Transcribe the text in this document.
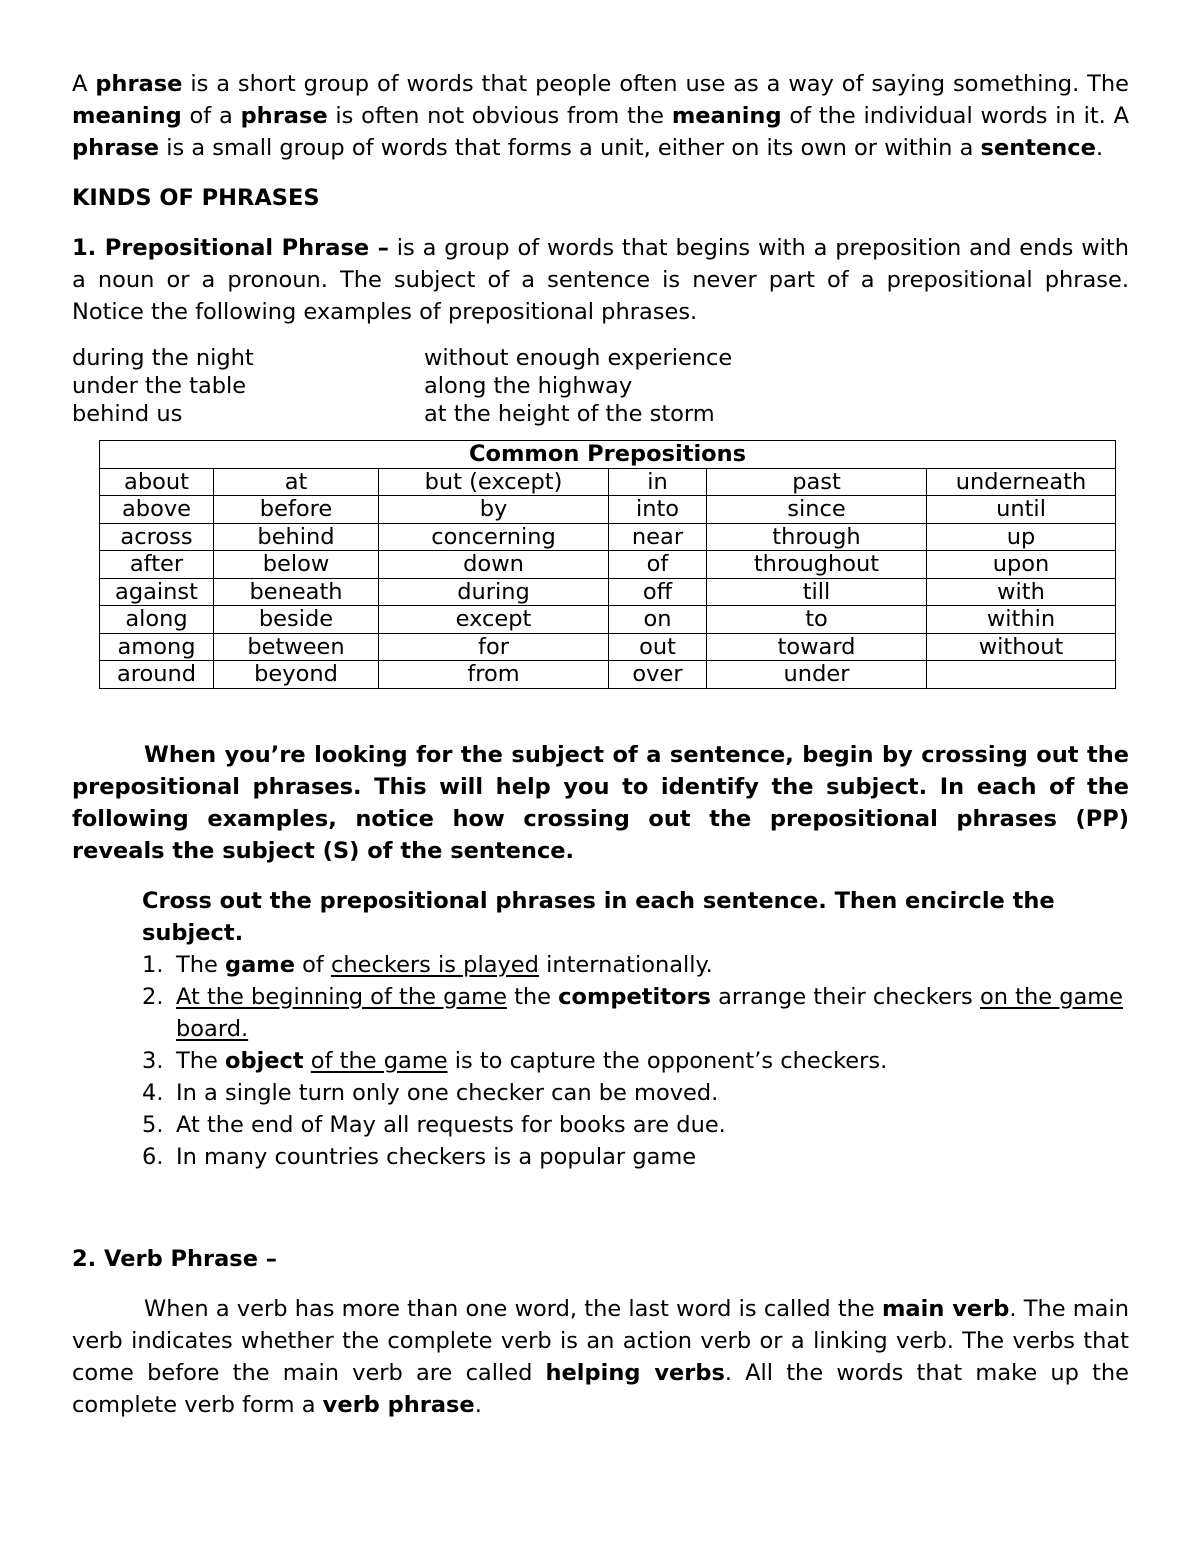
A phrase is a short group of words that people often use as a way of saying something. The meaning of a phrase is often not obvious from the meaning of the individual words in it. A phrase is a small group of words that forms a unit, either on its own or within a sentence.

KINDS OF PHRASES

1. Prepositional Phrase – is a group of words that begins with a preposition and ends with a noun or a pronoun. The subject of a sentence is never part of a prepositional phrase. Notice the following examples of prepositional phrases.

during the night	without enough experience
under the table	along the highway
behind us	at the height of the storm
Common Prepositions					
about	at	but (except)	in	past	underneath
above	before	by	into	since	until
across	behind	concerning	near	through	up
after	below	down	of	throughout	upon
against	beneath	during	off	till	with
along	beside	except	on	to	within
among	between	for	out	toward	without
around	beyond	from	over	under	

When you’re looking for the subject of a sentence, begin by crossing out the prepositional phrases. This will help you to identify the subject. In each of the following examples, notice how crossing out the prepositional phrases (PP) reveals the subject (S) of the sentence.

Cross out the prepositional phrases in each sentence. Then encircle the subject.

1. The game of checkers is played internationally.
2. At the beginning of the game the competitors arrange their checkers on the game board.
3. The object of the game is to capture the opponent’s checkers.
4. In a single turn only one checker can be moved.
5. At the end of May all requests for books are due.
6. In many countries checkers is a popular game

2. Verb Phrase –

When a verb has more than one word, the last word is called the main verb. The main verb indicates whether the complete verb is an action verb or a linking verb. The verbs that come before the main verb are called helping verbs. All the words that make up the complete verb form a verb phrase.
